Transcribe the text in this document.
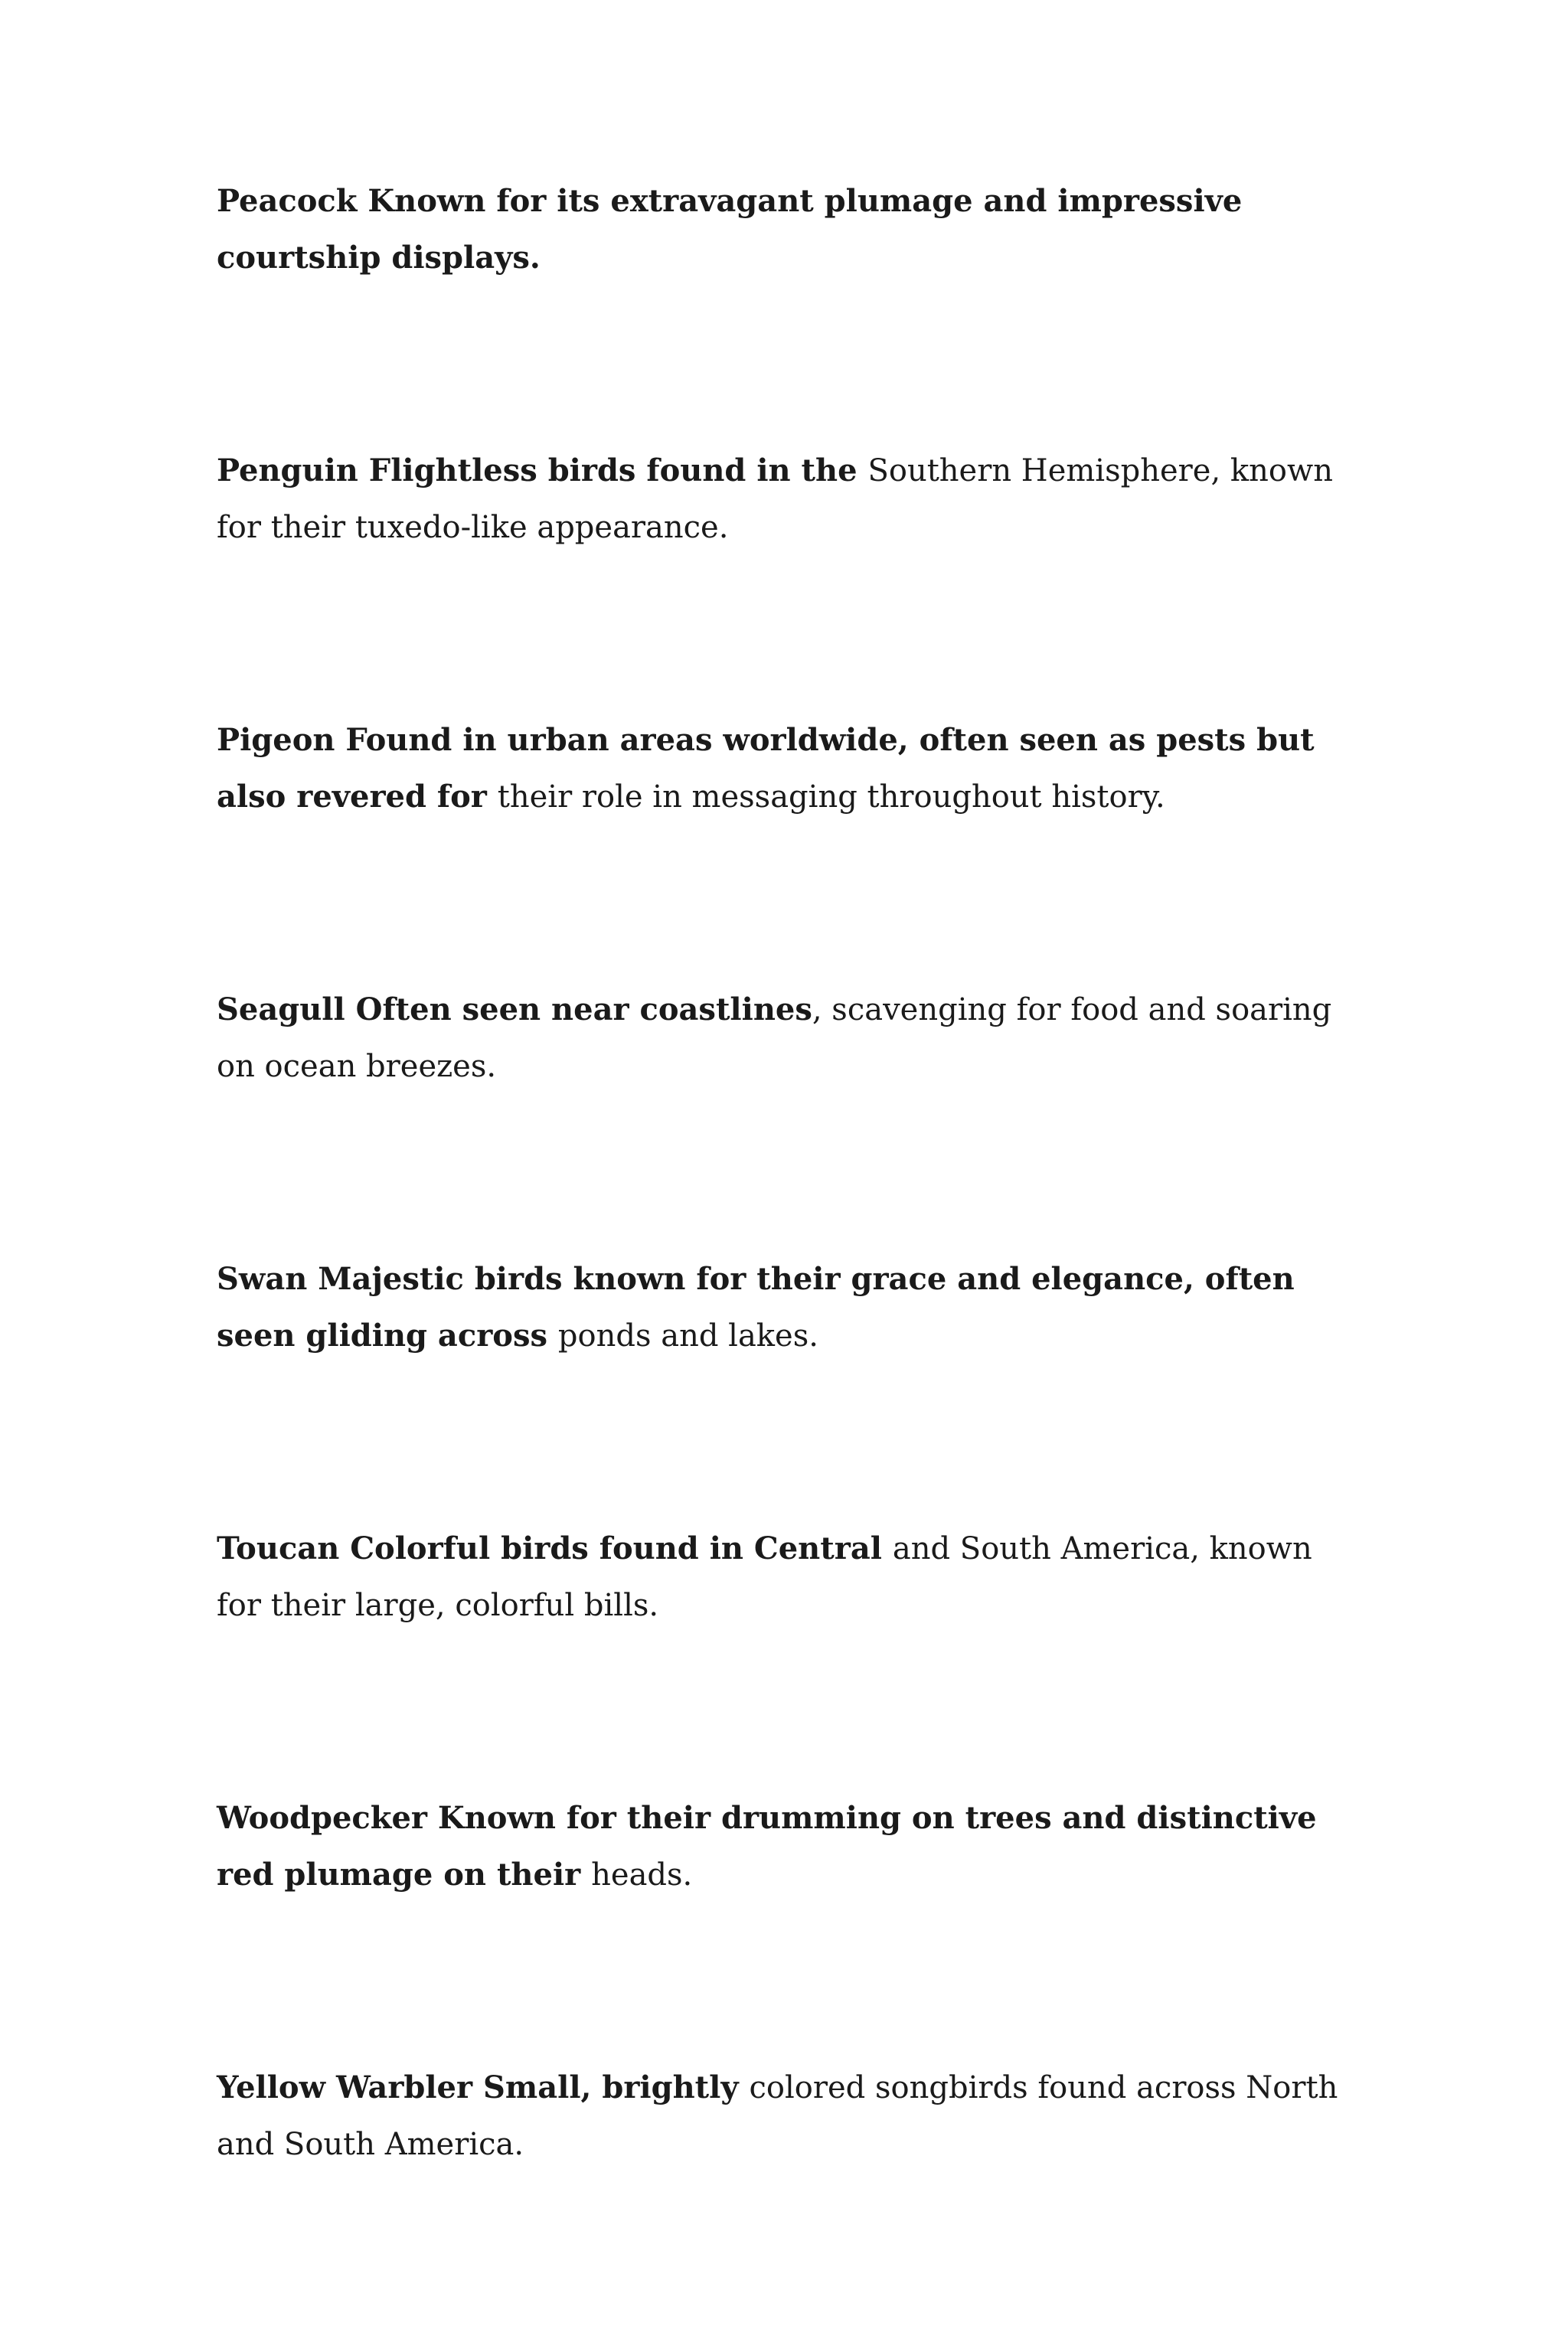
Peacock Known for its extravagant plumage and impressive courtship displays.

Penguin Flightless birds found in the Southern Hemisphere, known for their tuxedo-like appearance.

Pigeon Found in urban areas worldwide, often seen as pests but also revered for their role in messaging throughout history.

Seagull Often seen near coastlines, scavenging for food and soaring on ocean breezes.

Swan Majestic birds known for their grace and elegance, often seen gliding across ponds and lakes.

Toucan Colorful birds found in Central and South America, known for their large, colorful bills.

Woodpecker Known for their drumming on trees and distinctive red plumage on their heads.

Yellow Warbler Small, brightly colored songbirds found across North and South America.
